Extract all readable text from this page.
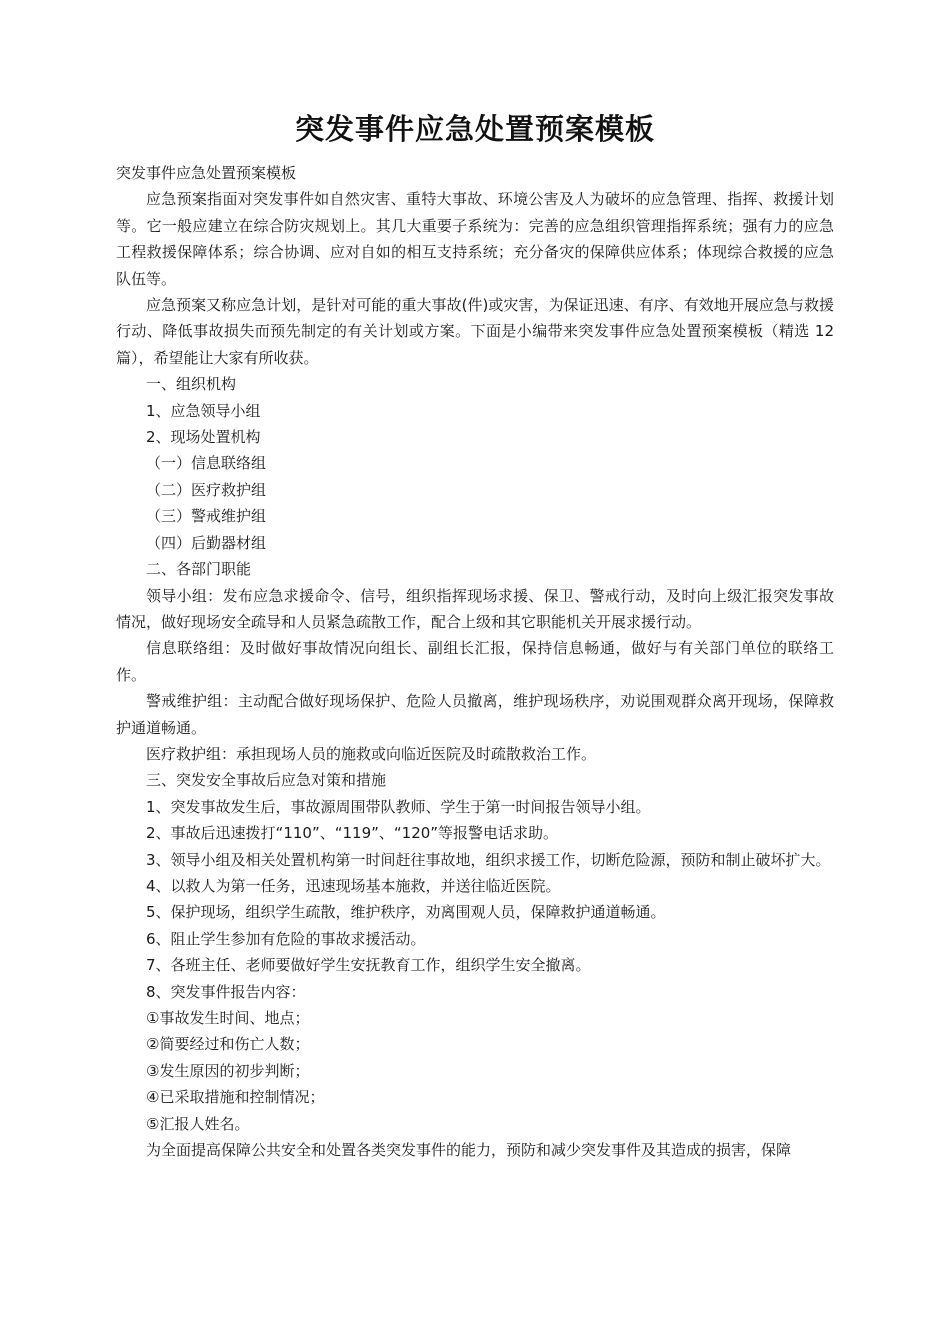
突发事件应急处置预案模板

突发事件应急处置预案模板

应急预案指面对突发事件如自然灾害、重特大事故、环境公害及人为破坏的应急管理、指挥、救援计划等。它一般应建立在综合防灾规划上。其几大重要子系统为：完善的应急组织管理指挥系统；强有力的应急工程救援保障体系；综合协调、应对自如的相互支持系统；充分备灾的保障供应体系；体现综合救援的应急队伍等。

应急预案又称应急计划，是针对可能的重大事故(件)或灾害，为保证迅速、有序、有效地开展应急与救援行动、降低事故损失而预先制定的有关计划或方案。下面是小编带来突发事件应急处置预案模板（精选 12 篇），希望能让大家有所收获。

一、组织机构

1、应急领导小组

2、现场处置机构

（一）信息联络组

（二）医疗救护组

（三）警戒维护组

（四）后勤器材组

二、各部门职能

领导小组：发布应急求援命令、信号，组织指挥现场求援、保卫、警戒行动，及时向上级汇报突发事故情况，做好现场安全疏导和人员紧急疏散工作，配合上级和其它职能机关开展求援行动。

信息联络组：及时做好事故情况向组长、副组长汇报，保持信息畅通，做好与有关部门单位的联络工作。

警戒维护组：主动配合做好现场保护、危险人员撤离，维护现场秩序，劝说围观群众离开现场，保障救护通道畅通。

医疗救护组：承担现场人员的施救或向临近医院及时疏散救治工作。

三、突发安全事故后应急对策和措施

1、突发事故发生后，事故源周围带队教师、学生于第一时间报告领导小组。

2、事故后迅速拨打“110”、“119”、“120”等报警电话求助。

3、领导小组及相关处置机构第一时间赶往事故地，组织求援工作，切断危险源，预防和制止破坏扩大。

4、以救人为第一任务，迅速现场基本施救，并送往临近医院。

5、保护现场，组织学生疏散，维护秩序，劝离围观人员，保障救护通道畅通。

6、阻止学生参加有危险的事故求援活动。

7、各班主任、老师要做好学生安抚教育工作，组织学生安全撤离。

8、突发事件报告内容：

①事故发生时间、地点；

②简要经过和伤亡人数；

③发生原因的初步判断；

④已采取措施和控制情况；

⑤汇报人姓名。

为全面提高保障公共安全和处置各类突发事件的能力，预防和减少突发事件及其造成的损害，保障
